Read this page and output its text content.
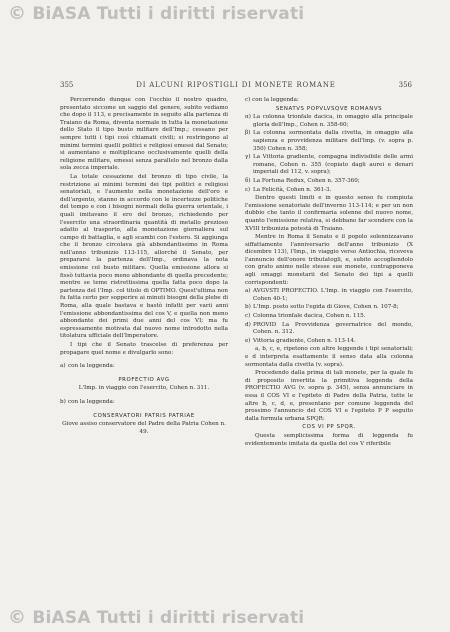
© BiASA Tutti i diritti riservati
355	DI ALCUNI RIPOSTIGLI DI MONETE ROMANE	356

Percorrendo dunque con l'occhio il nostro quadro, presentato siccome un saggio del genere, subito vediamo che dopo il 113, e precisamente in seguito alla partenza di Traiano da Roma, diventa normale in tutta la monetazione dello Stato il tipo busto militare dell'Imp.; cessano per sempre tutti i tipi così chiamati civili; si restringono al minimi termini quelli politici e religiosi emessi dal Senato; si aumentano e moltiplicano occlusivamente quelli della religione militare, emessi senza parallelo nel bronzo dalla sola zecca imperiale.

La totale cessazione del bronzo di tipo civile, la restrizione ai minimi termini dei tipi politici e religiosi senatoriali, e l'aumento nella monetazione dell'oro e dell'argento, stanno in accordo con le incertezze politiche del tempo e con i bisogni normali della guerra orientale, i quali imitavano il ero del bronzo, richiedendo per l'esercito una straordinaria quantità di metallo prezioso adatto al trasporto, alla monetazione giornaliera sul campo di battaglia, e agli scambi con l'estero. Si aggiunga che il bronzo circolava già abbondantissimo in Roma nell'anno tribunizio 113-115, allorché il Senato, per prepararsi la partenza dell'Imp., ordinava la nota emissione col busto militare. Quella emissione allora si fissò tuttavia poco meno abbondante di quella precedente; mentre se teme ristrettissima quella fatta poco dopo la partenza del l'Imp. col titolo di OPTIMO. Quest'ultima non fu fatta certo per sopperire ai minuti bisogni della plebe di Roma, alla quale bastava e bastò infatti per varii anni l'emissione abbondantissima del cos V, e quella non meno abbondante dei primi due anni del cos VI; ma fu espressamente motivata dal nuovo nome introdotto nella titolatura ufficiale dell'Imperatore.

I tipi che il Senato trascelse di preferenza per propagare quel nome e divulgarlo sono:

a) con la leggenda:

PROFECTIO AVG

L'Imp. in viaggio con l'esercito, Cohen n. 311.

b) con la leggenda:

CONSERVATORI PATRIS PATRIAE

Giove assiso conservatore del Padre della Patria Cohen n. 49.

c) con la leggenda:

SENATVS POPVLVSQVE ROMANVS

α) La colonna trionfale dacica, in omaggio alla principale gloria dell'Imp., Cohen n. 358-60;

β) La colonna sormontata dalla civetta, in omaggio alla sapienza e provvidenza militare dell'Imp. (v. sopra p. 350) Cohen n. 358;

γ) La Vittoria gradiente, compagna indivisibile delle armi romane, Cohen n. 355 (copiato dagli aurei e denari imperiali del 112, v. sopra);

δ) La Fortuna Redux, Cohen n. 357-360;

ε) La Felicità, Cohen n. 361-3.

Dentro questi limiti e in questo senso fu compiuta l'emissione senatoriale dell'inverno 113-114; e per un non dubbio che tanto il confirmaria solenne del nuovo nome, quanto l'emissione relativa, si debbano far scendere con la XVIII tribunizia potestà di Traiano.

Mentre in Roma il Senato e il popolo solennizzavano siffattamente l'anniversario dell'anno tribunizio (X dicembre 113), l'Imp., in viaggio verso Antiochia, riceveva l'annuncio dell'onore tributatogli, e, subito accogliendolo con grato animo nelle stesse sue monete, contrapponeva agli omaggi monetarii del Senato dei tipi a quelli corrispondenti:

a) AVGVSTI PROFECTIO. L'Imp. in viaggio con l'esercito, Cohen 40-1;

b) L'Imp. posto sotto l'egida di Giove, Cohen n. 107-8;

c) Colonna trionfale dacica, Cohen n. 115.

d) PROVID La Provvidenza governatrice del mondo, Cohen. n. 312.

e) Vittoria gradiente, Cohen n. 113-14.

a, b, c, e, ripetono con altre leggende i tipi senatoriali; e d interpreta esattamente il senso data alla colonna sormontata dalla civetta (v. sopra).

Procedendo dalla prima di tali monete, per la quale fu di proposito invertita la primitiva leggenda della PROFECTIO AVG (v. sopra p. 345), senza annunciare in essa il COS VI e l'epiteto di Padre della Patria, tutte le altre b, c, d, e, presentano per comune leggenda del prossimo l'annuncio del COS VI e l'epiteto P P seguito dalla formula urbana SPQR:

COS VI PP SPQR.

Questa semplicissima forma di leggenda fu evidentemente imitata da quella del cos V riferibile

© BiASA Tutti i diritti riservati
